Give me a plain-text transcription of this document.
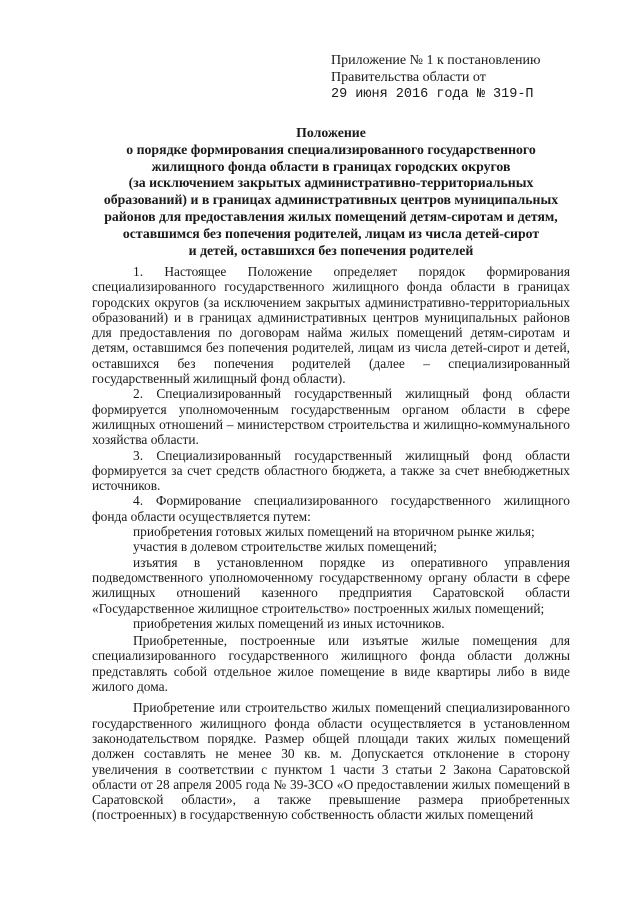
Приложение № 1 к постановлению
Правительства области от
29 июня 2016 года № 319-П
Положение
о порядке формирования специализированного государственного
жилищного фонда области в границах городских округов
(за исключением закрытых административно-территориальных
образований) и в границах административных центров муниципальных
районов для предоставления жилых помещений детям-сиротам и детям,
оставшимся без попечения родителей, лицам из числа детей-сирот
и детей, оставшихся без попечения родителей

1. Настоящее Положение определяет порядок формирования специализированного государственного жилищного фонда области в границах городских округов (за исключением закрытых административно-территориальных образований) и в границах административных центров муниципальных районов для предоставления по договорам найма жилых помещений детям-сиротам и детям, оставшимся без попечения родителей, лицам из числа детей-сирот и детей, оставшихся без попечения родителей (далее – специализированный государственный жилищный фонд области).

2. Специализированный государственный жилищный фонд области формируется уполномоченным государственным органом области в сфере жилищных отношений – министерством строительства и жилищно-коммунального хозяйства области.

3. Специализированный государственный жилищный фонд области формируется за счет средств областного бюджета, а также за счет внебюджетных источников.

4. Формирование специализированного государственного жилищного фонда области осуществляется путем:

приобретения готовых жилых помещений на вторичном рынке жилья;

участия в долевом строительстве жилых помещений;

изъятия в установленном порядке из оперативного управления подведомственного уполномоченному государственному органу области в сфере жилищных отношений казенного предприятия Саратовской области «Государственное жилищное строительство» построенных жилых помещений;

приобретения жилых помещений из иных источников.

Приобретенные, построенные или изъятые жилые помещения для специализированного государственного жилищного фонда области должны представлять собой отдельное жилое помещение в виде квартиры либо в виде жилого дома.

Приобретение или строительство жилых помещений специализированного государственного жилищного фонда области осуществляется в установленном законодательством порядке. Размер общей площади таких жилых помещений должен составлять не менее 30 кв. м. Допускается отклонение в сторону увеличения в соответствии с пунктом 1 части 3 статьи 2 Закона Саратовской области от 28 апреля 2005 года № 39-ЗСО «О предоставлении жилых помещений в Саратовской области», а также превышение размера приобретенных (построенных) в государственную собственность области жилых помещений
